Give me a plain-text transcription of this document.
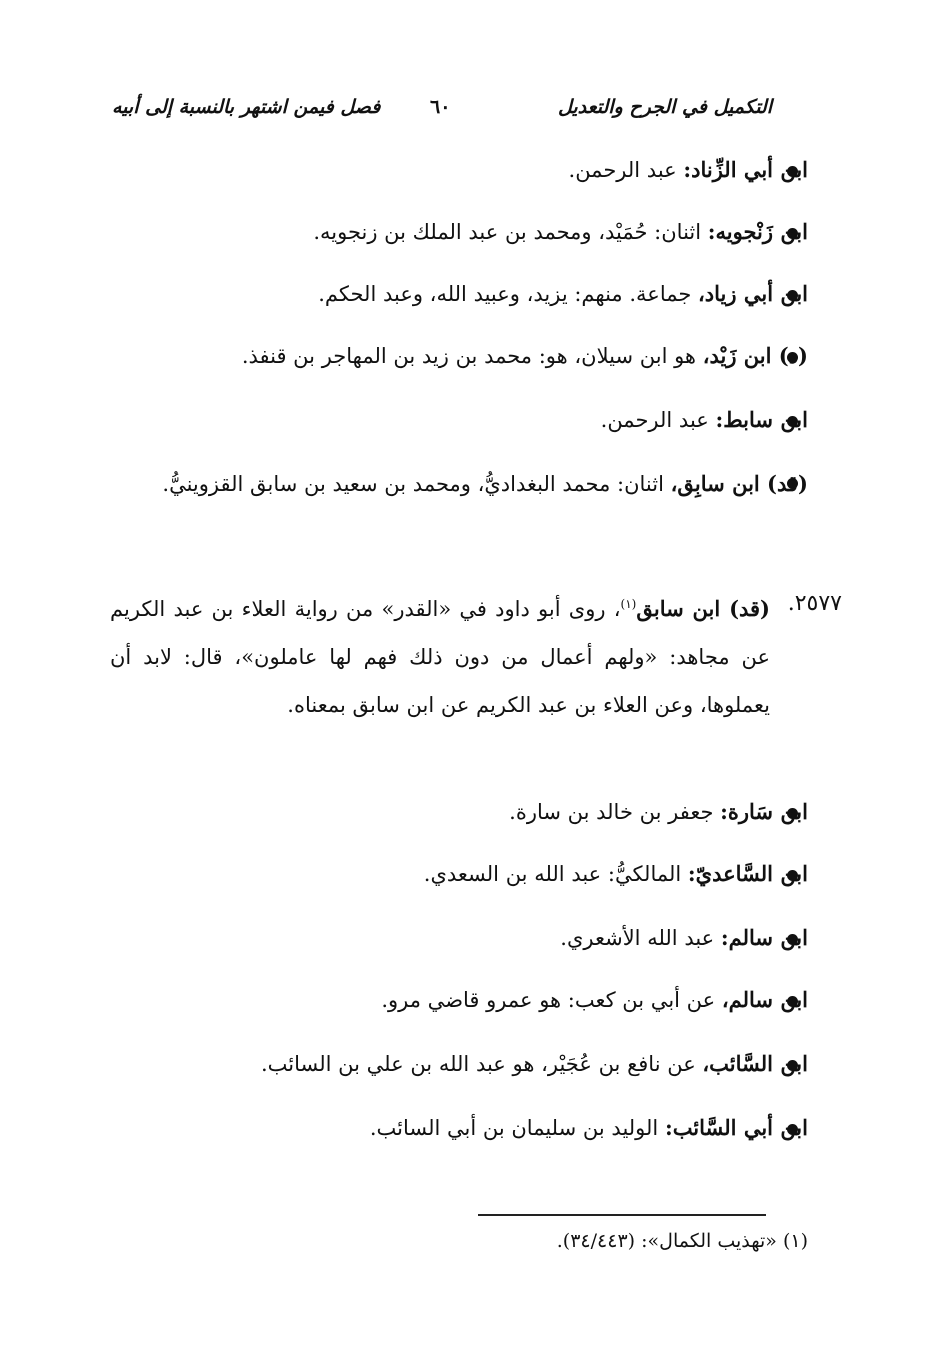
التكميل في الجرح والتعديل
٦٠
فصل فيمن اشتهر بالنسبة إلى أبيه
ابن أبي الزِّناد: عبد الرحمن.
ابن زَنْجويه: اثنان: حُمَيْد، ومحمد بن عبد الملك بن زنجويه.
ابن أبي زياد، جماعة. منهم: يزيد، وعبيد الله، وعبد الحكم.
(د) ابن زَيْد، هو ابن سيلان، هو: محمد بن زيد بن المهاجر بن قنفذ.
ابن سابط: عبد الرحمن.
(قد) ابن سابِق، اثنان: محمد البغداديُّ، ومحمد بن سعيد بن سابق القزوينيُّ.
٢٥٧٧.
(قد) ابن سابق$^{(١)}$، روى أبو داود في «القدر» من رواية العلاء بن عبد الكريم عن مجاهد: «ولهم أعمال من دون ذلك فهم لها عاملون»، قال: لابد أن يعملوها، وعن العلاء بن عبد الكريم عن ابن سابق بمعناه.
ابن سَارة: جعفر بن خالد بن سارة.
ابن السَّاعديّ: المالكيُّ: عبد الله بن السعدي.
ابن سالم: عبد الله الأشعري.
ابن سالم، عن أبي بن كعب: هو عمرو قاضي مرو.
ابن السَّائب، عن نافع بن عُجَيْر، هو عبد الله بن علي بن السائب.
ابن أبي السَّائب: الوليد بن سليمان بن أبي السائب.
(١) «تهذيب الكمال»: (٣٤/٤٤٣).
